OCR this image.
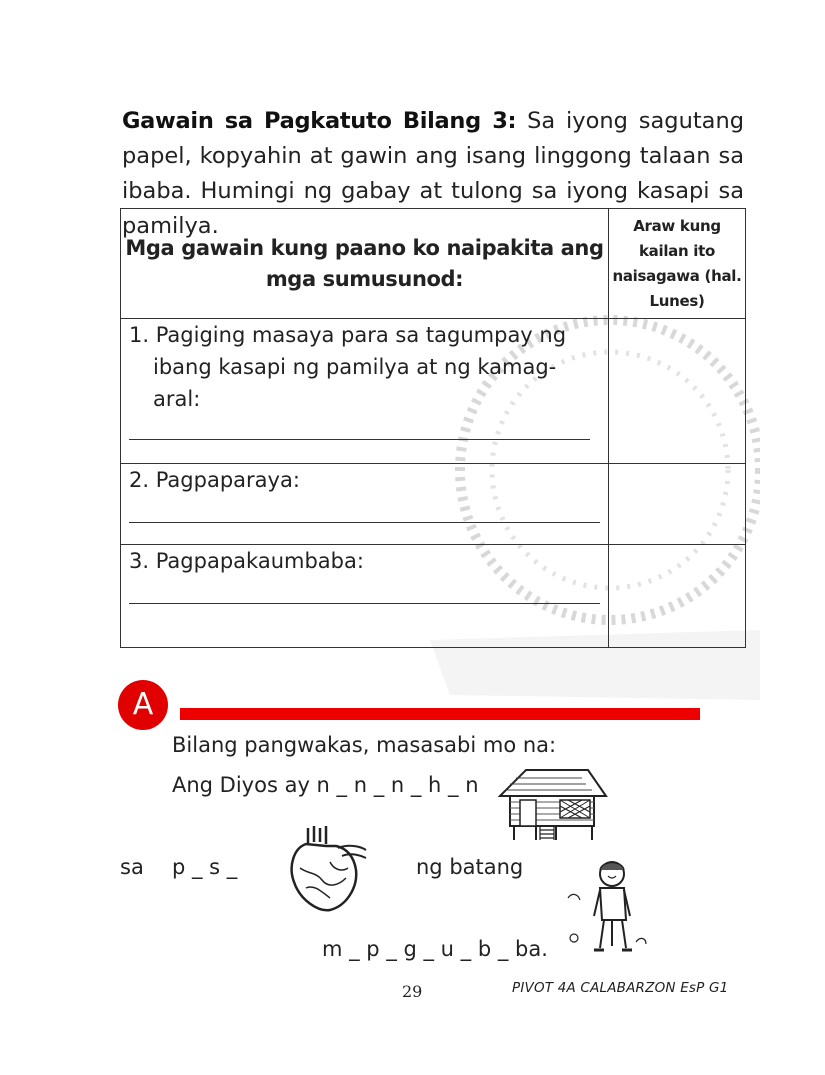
Gawain sa Pagkatuto Bilang 3: Sa iyong sagutang papel, kopyahin at gawin ang isang linggong talaan sa ibaba. Humingi ng gabay at tulong sa iyong kasapi sa pamilya.
Mga gawain kung paano ko naipakita ang mga sumusunod:	Araw kung kailan ito naisagawa (hal. Lunes)

1. Pagiging masaya para sa tagumpay ng ibang kasapi ng pamilya at ng kamag-aral:	

2. Pagpaparaya:	

3. Pagpapakaumbaba:	

A
Bilang pangwakas, masasabi mo na:
Ang Diyos ay n _ n _ n _ h _ n
sa p _ s _	ng batang
m _ p _ g _ u _ b _ ba.
29	PIVOT 4A CALABARZON EsP G1
